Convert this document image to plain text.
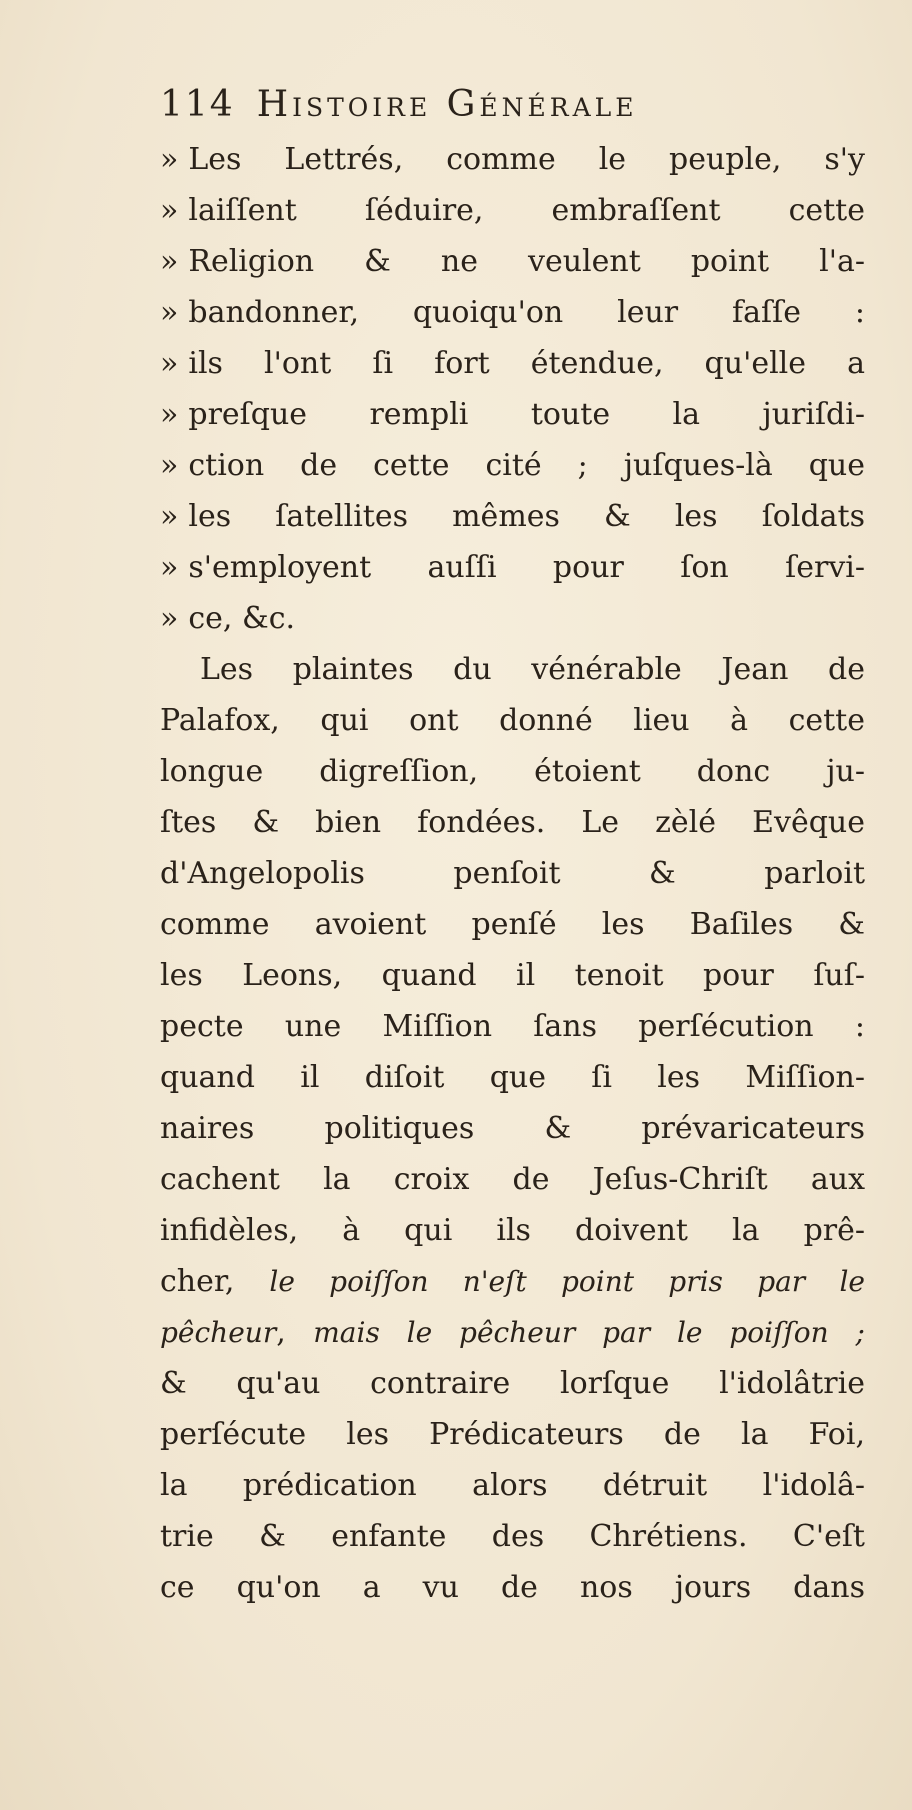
114 Histoire Générale
» Les Lettrés, comme le peuple, s'y
» laiſſent ſéduire, embraſſent cette
» Religion & ne veulent point l'a-
» bandonner, quoiqu'on leur faſſe :
» ils l'ont ſi fort étendue, qu'elle a
» preſque rempli toute la juriſdi-
» ction de cette cité ; juſques-là que
» les ſatellites mêmes & les ſoldats
» s'employent auſſi pour ſon ſervi-
» ce, &c.
Les plaintes du vénérable Jean de
Palafox, qui ont donné lieu à cette
longue digreſſion, étoient donc ju-
ſtes & bien fondées. Le zèlé Evêque
d'Angelopolis penſoit & parloit
comme avoient penſé les Baſiles &
les Leons, quand il tenoit pour ſuſ-
pecte une Miſſion ſans perſécution :
quand il diſoit que ſi les Miſſion-
naires politiques & prévaricateurs
cachent la croix de Jeſus-Chriſt aux
infidèles, à qui ils doivent la prê-
cher, le poiſſon n'eſt point pris par le
pêcheur, mais le pêcheur par le poiſſon ;
& qu'au contraire lorſque l'idolâtrie
perſécute les Prédicateurs de la Foi,
la prédication alors détruit l'idolâ-
trie & enfante des Chrétiens. C'eſt
ce qu'on a vu de nos jours dans
